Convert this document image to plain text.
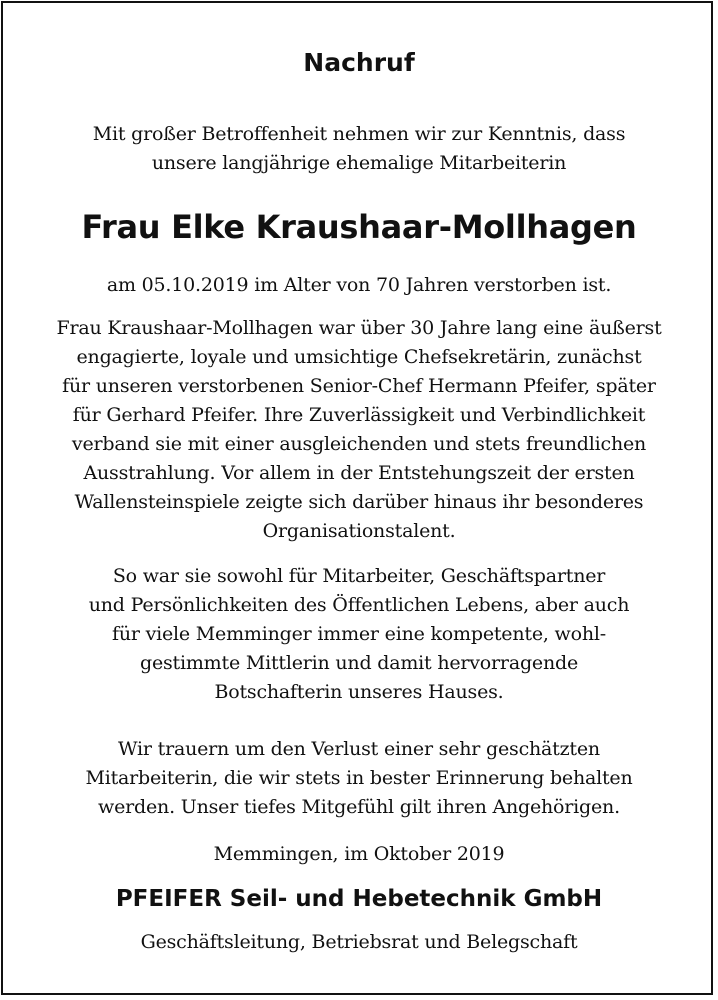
Nachruf
Mit großer Betroffenheit nehmen wir zur Kenntnis, dass
unsere langjährige ehemalige Mitarbeiterin
Frau Elke Kraushaar-Mollhagen
am 05.10.2019 im Alter von 70 Jahren verstorben ist.
Frau Kraushaar-Mollhagen war über 30 Jahre lang eine äußerst
engagierte, loyale und umsichtige Chefsekretärin, zunächst
für unseren verstorbenen Senior-Chef Hermann Pfeifer, später
für Gerhard Pfeifer. Ihre Zuverlässigkeit und Verbindlichkeit
verband sie mit einer ausgleichenden und stets freundlichen
Ausstrahlung. Vor allem in der Entstehungszeit der ersten
Wallensteinspiele zeigte sich darüber hinaus ihr besonderes
Organisationstalent.
So war sie sowohl für Mitarbeiter, Geschäftspartner
und Persönlichkeiten des Öffentlichen Lebens, aber auch
für viele Memminger immer eine kompetente, wohl-
gestimmte Mittlerin und damit hervorragende
Botschafterin unseres Hauses.
Wir trauern um den Verlust einer sehr geschätzten
Mitarbeiterin, die wir stets in bester Erinnerung behalten
werden. Unser tiefes Mitgefühl gilt ihren Angehörigen.
Memmingen, im Oktober 2019
PFEIFER Seil- und Hebetechnik GmbH
Geschäftsleitung, Betriebsrat und Belegschaft
